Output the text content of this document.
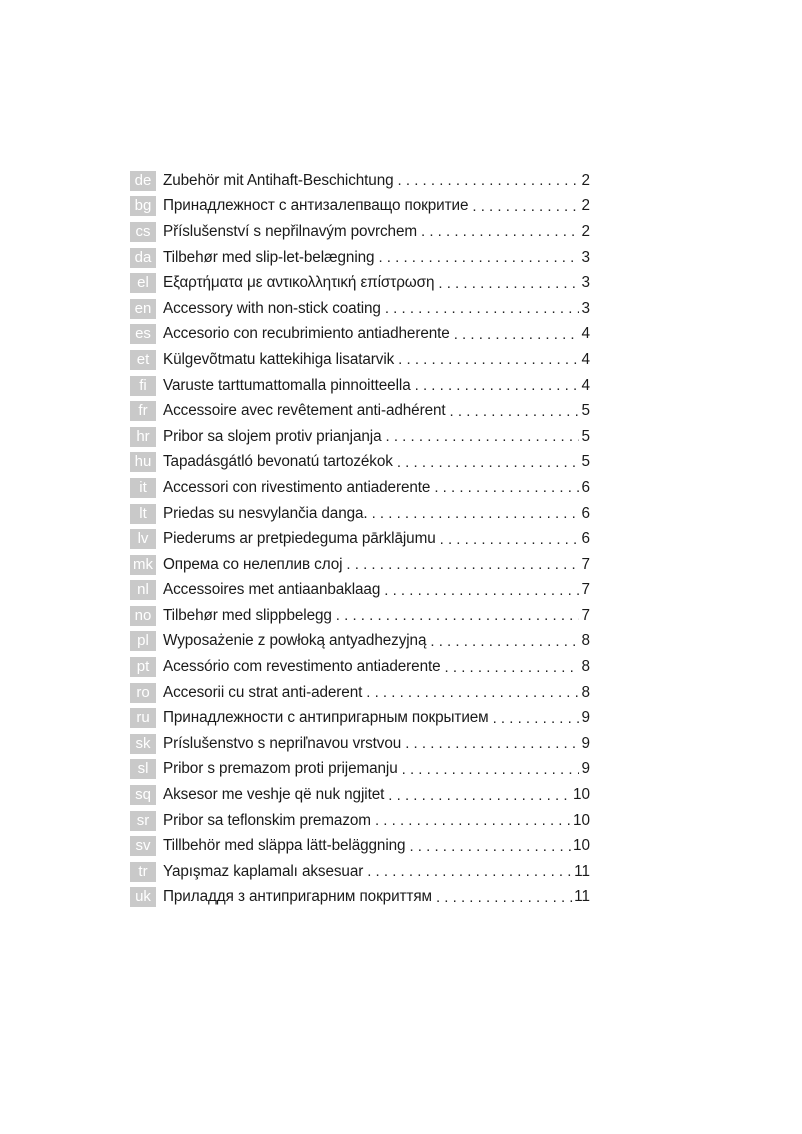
de Zubehör mit Antihaft-Beschichtung . . .	2
bg Принадлежност с антизалепващо покритие . . .	2
cs Příslušenství s nepřilnavým povrchem . . .	2
da Tilbehør med slip-let-belægning . . .	3
el Εξαρτήματα με αντικολλητική επίστρωση . . .	3
en Accessory with non-stick coating . . .	3
es Accesorio con recubrimiento antiadherente . . .	4
et Külgevõtmatu kattekihiga lisatarvik . . .	4
fi	Varuste tarttumattomalla pinnoitteella . . .	4
fr	Accessoire avec revêtement anti-adhérent . . .	5
hr Pribor sa slojem protiv prianjanja . . .	5
hu Tapadásgátló bevonatú tartozékok . . .	5
it	Accessori con rivestimento antiaderente . . .	6
lt	Priedas su nesvylančia danga. . . .	6
lv Piederums ar pretpiedeguma pārklājumu . . .	6
mk Опрема со нелеплив слој . . .	7
nl Accessoires met antiaanbaklaag . . .	7
no Tilbehør med slippbelegg . . .	7
pl Wyposażenie z powłoką antyadhezyjną . . .	8
pt Acessório com revestimento antiaderente . . .	8
ro Accesorii cu strat anti-aderent . . .	8
ru Принадлежности с антипригарным покрытием . . .	9
sk Príslušenstvo s nepriľnavou vrstvou . . .	9
sl Pribor s premazom proti prijemanju . . .	9
sq Aksesor me veshje që nuk ngjitet . . .	10
sr Pribor sa teflonskim premazom . . .	10
sv Tillbehör med släppa lätt-beläggning . . .	10
tr	Yapışmaz kaplamalı aksesuar . . .	11
uk Приладдя з антипригарним покриттям . . .	11
